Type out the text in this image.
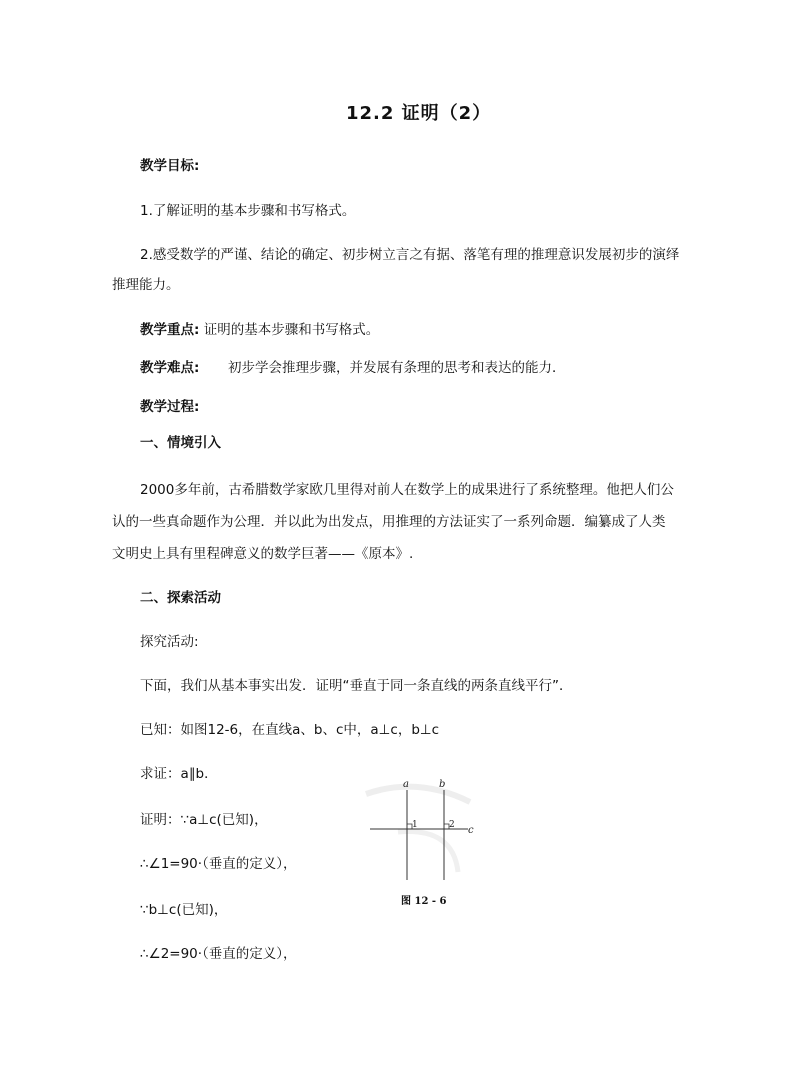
12.2 证明（2）
教学目标:
1.了解证明的基本步骤和书写格式。
2.感受数学的严谨、结论的确定、初步树立言之有据、落笔有理的推理意识发展初步的演绎
推理能力。
教学重点: 证明的基本步骤和书写格式。
教学难点: 初步学会推理步骤，并发展有条理的思考和表达的能力．
教学过程:
一、情境引入
2000多年前，古希腊数学家欧几里得对前人在数学上的成果进行了系统整理。他把人们公
认的一些真命题作为公理．并以此为出发点，用推理的方法证实了一系列命题．编纂成了人类
文明史上具有里程碑意义的数学巨著——《原本》.
二、探索活动
探究活动:
下面，我们从基本事实出发．证明“垂直于同一条直线的两条直线平行”．
已知：如图12-6，在直线a、b、c中，a⊥c，b⊥c
求证：a∥b．
证明：∵a⊥c(已知)，
∴∠1=90·（垂直的定义），
∵b⊥c(已知)，
∴∠2=90·（垂直的定义），
a	b
c
1	2
图 12 - 6
